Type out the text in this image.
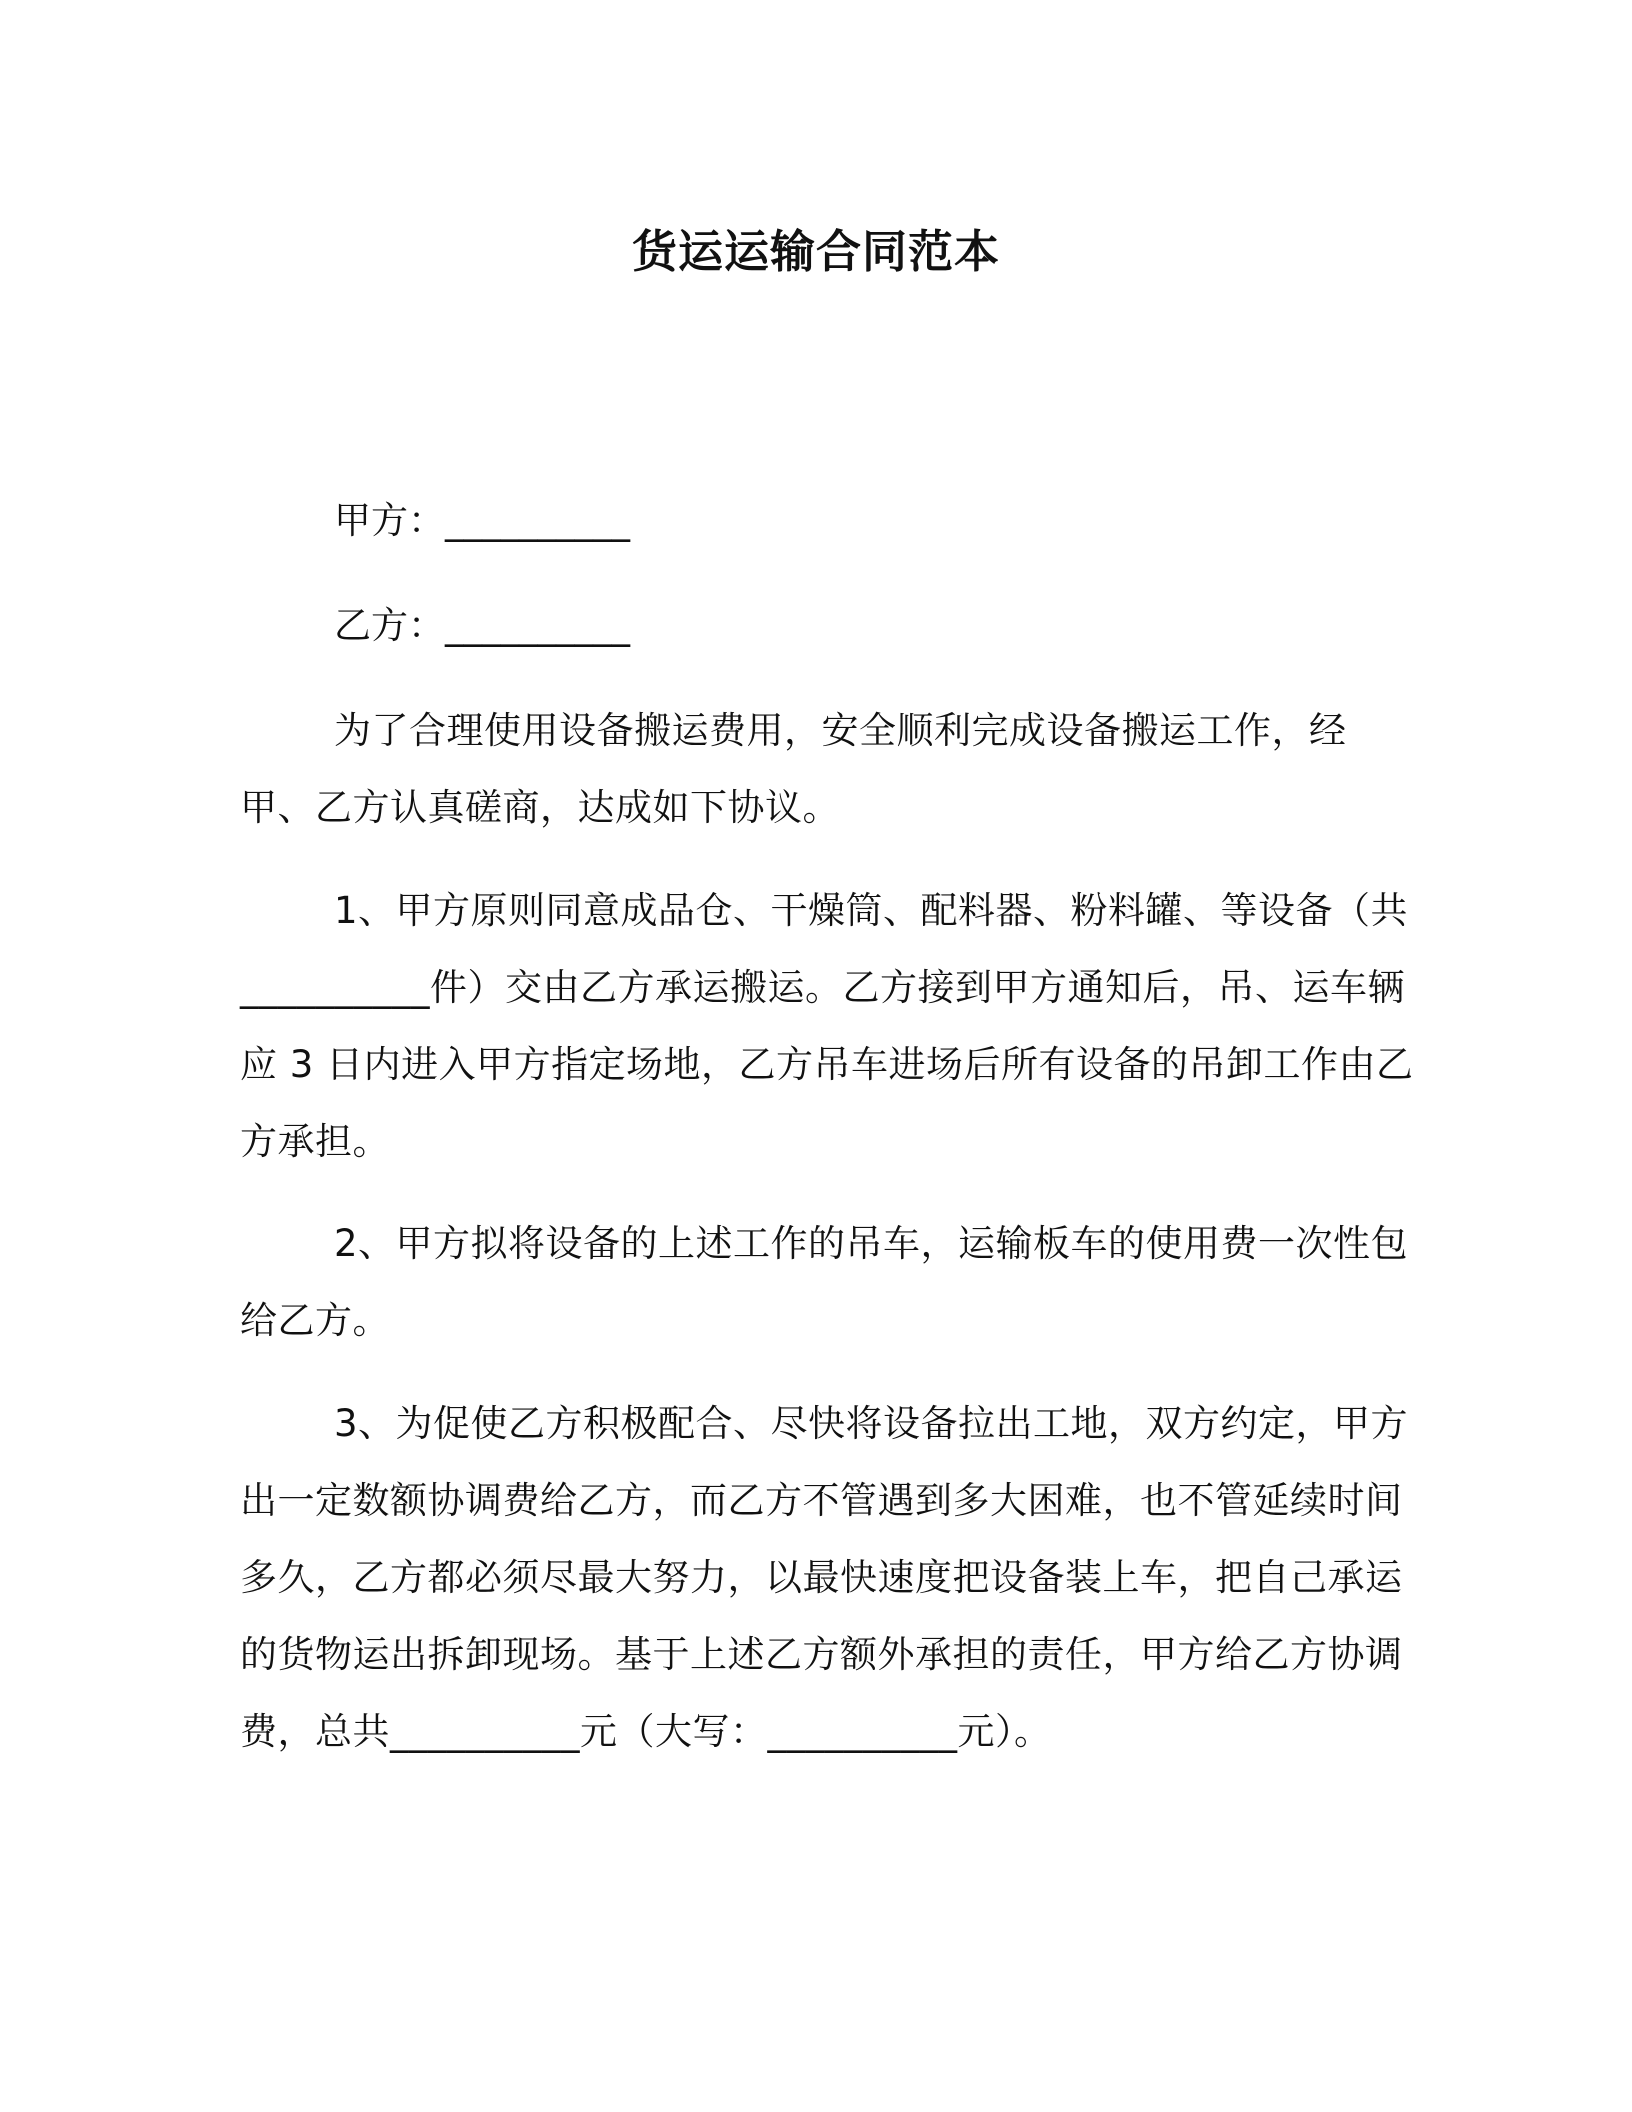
货运运输合同范本
甲方：__________
乙方：__________
为了合理使用设备搬运费用，安全顺利完成设备搬运工作，经甲、乙方认真磋商，达成如下协议。
1、甲方原则同意成品仓、干燥筒、配料器、粉料罐、等设备（共__________件）交由乙方承运搬运。乙方接到甲方通知后，吊、运车辆应 3 日内进入甲方指定场地，乙方吊车进场后所有设备的吊卸工作由乙方承担。
2、甲方拟将设备的上述工作的吊车，运输板车的使用费一次性包给乙方。
3、为促使乙方积极配合、尽快将设备拉出工地，双方约定，甲方出一定数额协调费给乙方，而乙方不管遇到多大困难，也不管延续时间多久，乙方都必须尽最大努力，以最快速度把设备装上车，把自己承运的货物运出拆卸现场。基于上述乙方额外承担的责任，甲方给乙方协调费，总共__________元（大写：__________元）。
